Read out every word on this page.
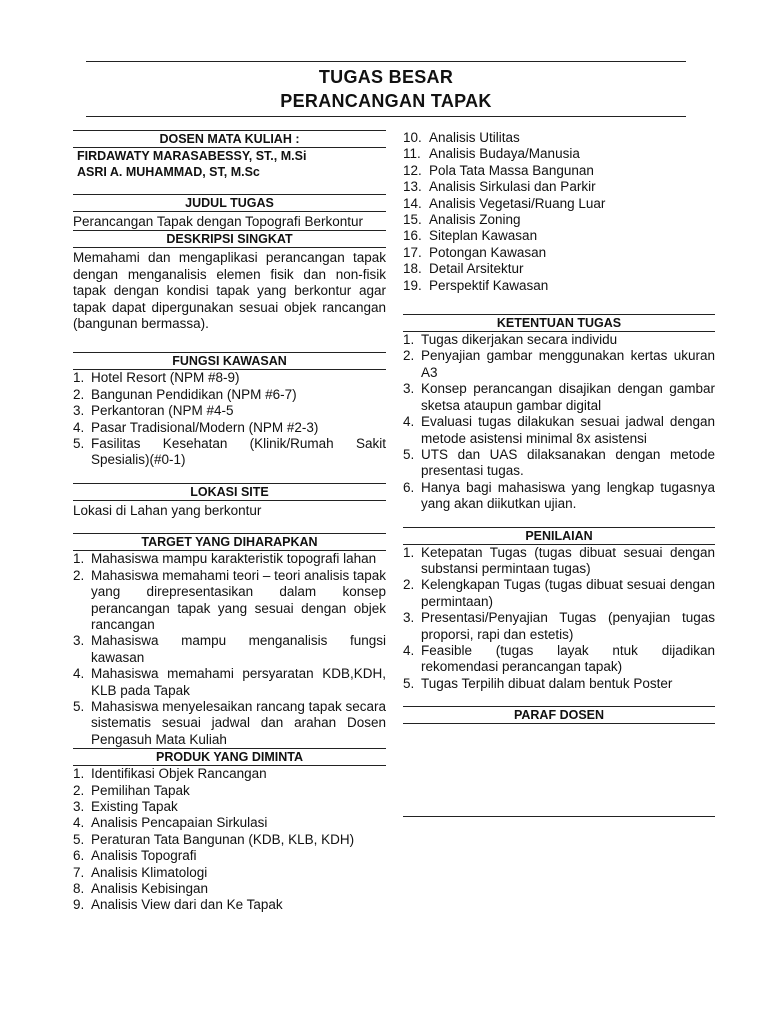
TUGAS BESAR
PERANCANGAN TAPAK
DOSEN MATA KULIAH :
FIRDAWATY MARASABESSY, ST., M.Si
ASRI A. MUHAMMAD, ST, M.Sc
JUDUL TUGAS

Perancangan Tapak dengan Topografi Berkontur

DESKRIPSI SINGKAT

Memahami dan mengaplikasi perancangan tapak dengan menganalisis elemen fisik dan non-fisik tapak dengan kondisi tapak yang berkontur agar tapak dapat dipergunakan sesuai objek rancangan (bangunan bermassa).

FUNGSI KAWASAN
1. Hotel Resort (NPM #8-9)
2. Bangunan Pendidikan (NPM #6-7)
3. Perkantoran (NPM #4-5
4. Pasar Tradisional/Modern (NPM #2-3)
5. Fasilitas Kesehatan (Klinik/Rumah Sakit Spesialis)(#0-1)
LOKASI SITE

Lokasi di Lahan yang berkontur

TARGET YANG DIHARAPKAN
1. Mahasiswa mampu karakteristik topografi lahan
2. Mahasiswa memahami teori – teori analisis tapak yang direpresentasikan dalam konsep perancangan tapak yang sesuai dengan objek rancangan
3. Mahasiswa mampu menganalisis fungsi kawasan
4. Mahasiswa memahami persyaratan KDB,KDH, KLB pada Tapak
5. Mahasiswa menyelesaikan rancang tapak secara sistematis sesuai jadwal dan arahan Dosen Pengasuh Mata Kuliah
PRODUK YANG DIMINTA
1. Identifikasi Objek Rancangan
2. Pemilihan Tapak
3. Existing Tapak
4. Analisis Pencapaian Sirkulasi
5. Peraturan Tata Bangunan (KDB, KLB, KDH)
6. Analisis Topografi
7. Analisis Klimatologi
8. Analisis Kebisingan
9. Analisis View dari dan Ke Tapak
10. Analisis Utilitas
11. Analisis Budaya/Manusia
12. Pola Tata Massa Bangunan
13. Analisis Sirkulasi dan Parkir
14. Analisis Vegetasi/Ruang Luar
15. Analisis Zoning
16. Siteplan Kawasan
17. Potongan Kawasan
18. Detail Arsitektur
19. Perspektif Kawasan
KETENTUAN TUGAS
1. Tugas dikerjakan secara individu
2. Penyajian gambar menggunakan kertas ukuran A3
3. Konsep perancangan disajikan dengan gambar sketsa ataupun gambar digital
4. Evaluasi tugas dilakukan sesuai jadwal dengan metode asistensi minimal 8x asistensi
5. UTS dan UAS dilaksanakan dengan metode presentasi tugas.
6. Hanya bagi mahasiswa yang lengkap tugasnya yang akan diikutkan ujian.
PENILAIAN
1. Ketepatan Tugas (tugas dibuat sesuai dengan substansi permintaan tugas)
2. Kelengkapan Tugas (tugas dibuat sesuai dengan permintaan)
3. Presentasi/Penyajian Tugas (penyajian tugas proporsi, rapi dan estetis)
4. Feasible (tugas layak ntuk dijadikan rekomendasi perancangan tapak)
5. Tugas Terpilih dibuat dalam bentuk Poster
PARAF DOSEN
